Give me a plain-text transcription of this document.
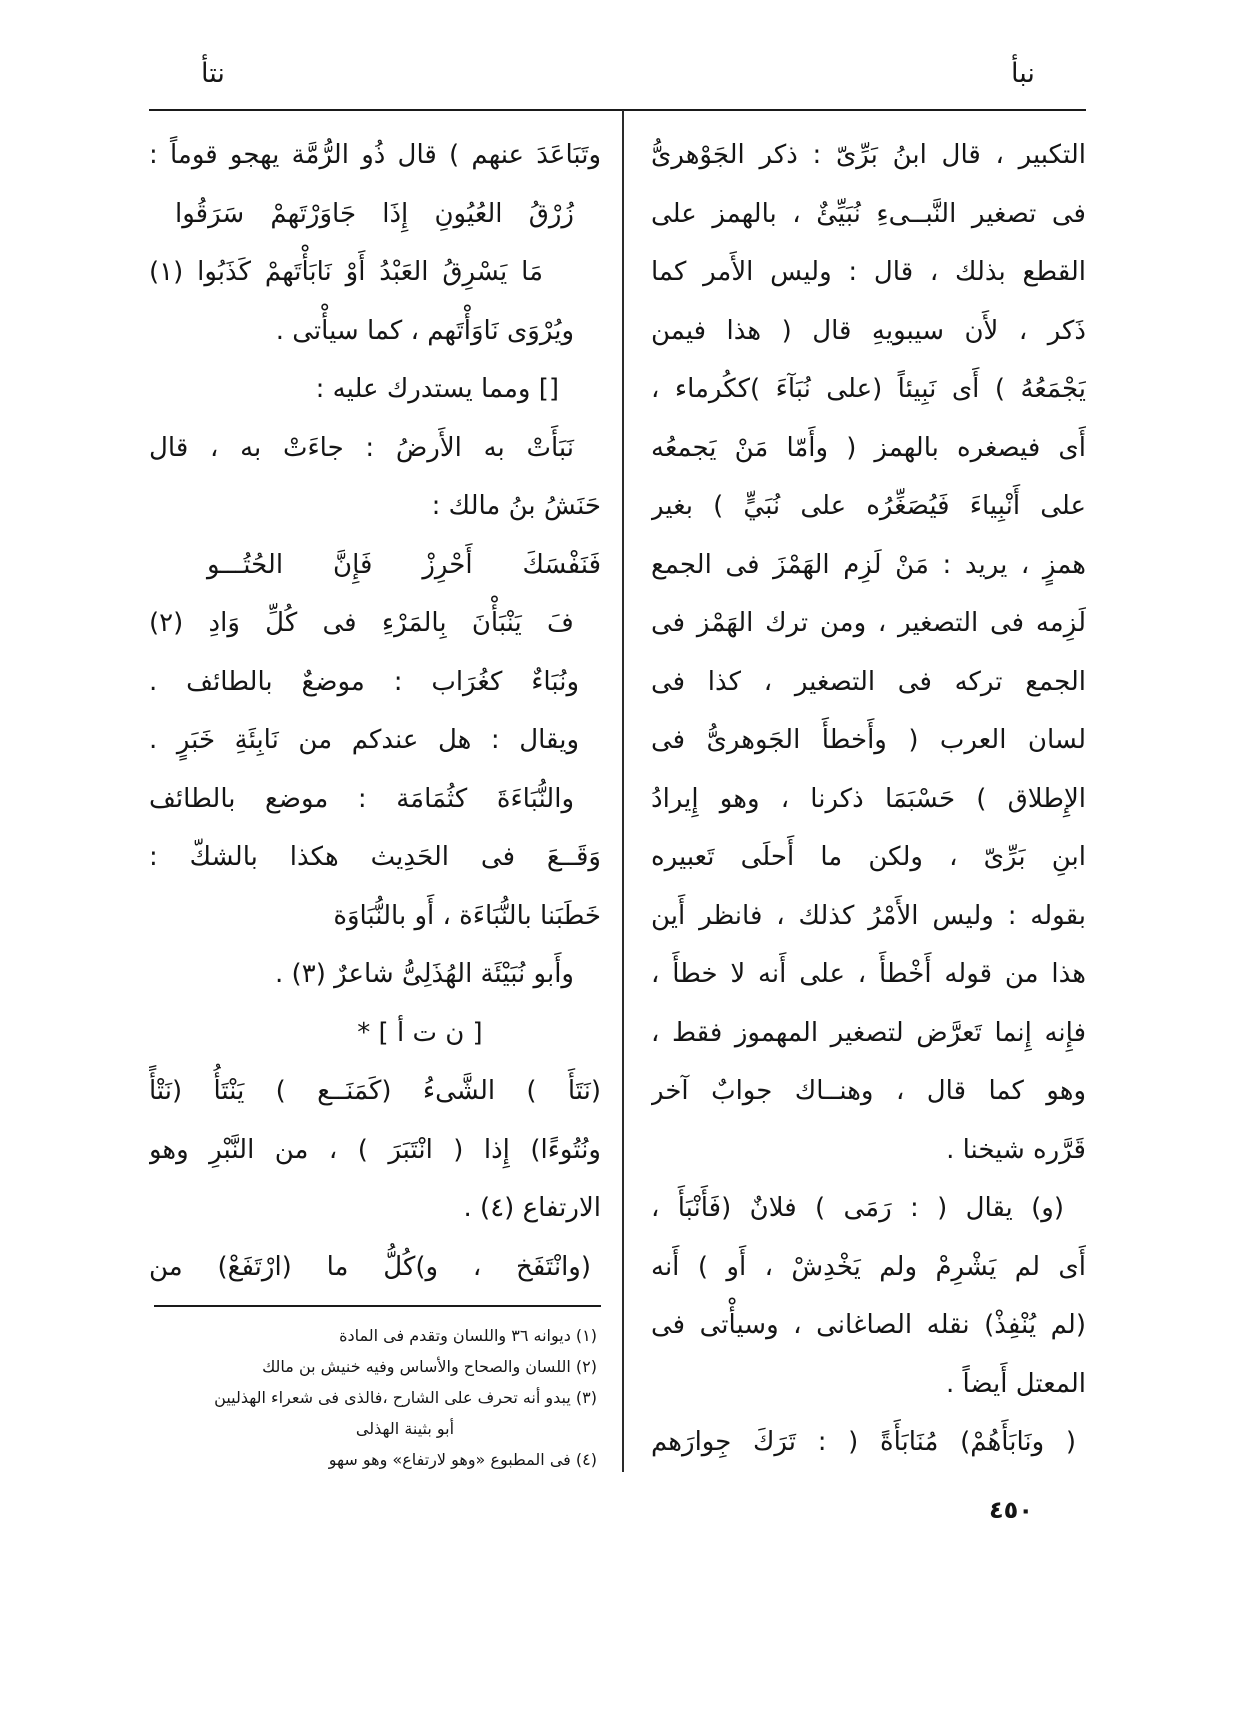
نبأ
نتأ
التكبير ، قال ابنُ بَرِّىّ : ذكر الجَوْهرىُّ
فى تصغير النَّبــىءِ نُبَيِّئٌ ، بالهمز على
القطع بذلك ، قال : وليس الأَمر كما
ذَكر ، لأَن سيبويهِ قال ( هذا فيمن
يَجْمَعُهُ ) أَى نَبِيئاً (على نُبَآءَ )ككُرماء ،
أَى فيصغره بالهمز ( وأَمّا مَنْ يَجمعُه
على أَنْبِياءَ فَيُصَغِّرُه على نُبَيٍّ ) بغير
همزٍ ، يريد : مَنْ لَزِم الهَمْزَ فى الجمع
لَزِمه فى التصغير ، ومن ترك الهَمْز فى
الجمع تركه فى التصغير ، كذا فى
لسان العرب ( وأَخطأَ الجَوهرىُّ فى
الإِطلاق ) حَسْبَمَا ذكرنا ، وهو إِيرادُ
ابنِ بَرِّىّ ، ولكن ما أَحلَى تَعبيره
بقوله : وليس الأَمْرُ كذلك ، فانظر أَين
هذا من قوله أَخْطأَ ، على أَنه لا خطأَ ،
فإِنه إِنما تَعرَّض لتصغير المهموز فقط ،
وهو كما قال ، وهنــاك جوابٌ آخر
قَرَّره شيخنا .
(و) يقال ( : رَمَى ) فلانٌ (فَأَنْبَأَ ،
أَى لم يَشْرِمْ ولم يَخْدِشْ ، أَو ) أَنه
(لم يُنْفِذْ) نقله الصاغانى ، وسيأْتى فى
المعتل أَيضاً .
( ونَابَأَهُمْ) مُنَابَأَةً ( : تَرَكَ جِوارَهم
وتَبَاعَدَ عنهم ) قال ذُو الرُّمَّة يهجو قوماً :
زُرْقُ العُيُونِ إِذَا جَاوَرْتَهمْ سَرَقُوا
مَا يَسْرِقُ العَبْدُ أَوْ نَابَأْتَهمْ كَذَبُوا (١)
ويُرْوَى نَاوَأْتَهم ، كما سيأْتى .
[] ومما يستدرك عليه :
نَبَأَتْ به الأَرضُ : جاءَتْ به ، قال
حَنَشُ بنُ مالك :
فَنَفْسَكَ أَحْرِزْ فَإِنَّ الحُتُـــو
فَ يَنْبَأْنَ بِالمَرْءِ فى كُلِّ وَادِ (٢)
ونُبَاءٌ كغُرَاب : موضعٌ بالطائف .
ويقال : هل عندكم من نَابِئَةِ خَبَرٍ .
والنُّبَاءَةَ كثُمَامَة : موضع بالطائف
وَقَــعَ فى الحَدِيث هكذا بالشكّ :
خَطَبَنا بالنُّبَاءَة ، أَو بالنُّبَاوَة
وأَبو نُبَيْئَة الهُذَلِىُّ شاعرٌ (٣) .
[ ن ت أ ] *
(نَتَأَ ) الشَّىءُ (كَمَنَــع ) يَنْتَأُ (نَتْأً
ونُتُوءًا) إِذا ( انْتَبَرَ ) ، من النَّبْرِ وهو
الارتفاع (٤) .
(وانْتَفَخ ، و)كُلُّ ما (ارْتَفَعْ) من
(١) ديوانه ٣٦ واللسان وتقدم فى المادة
(٢) اللسان والصحاح والأساس وفيه خنيش بن مالك
(٣) يبدو أنه تحرف على الشارح ،فالذى فى شعراء الهذليين
أبو بثينة الهذلى
(٤) فى المطبوع «وهو لارتفاع» وهو سهو
٤٥٠
